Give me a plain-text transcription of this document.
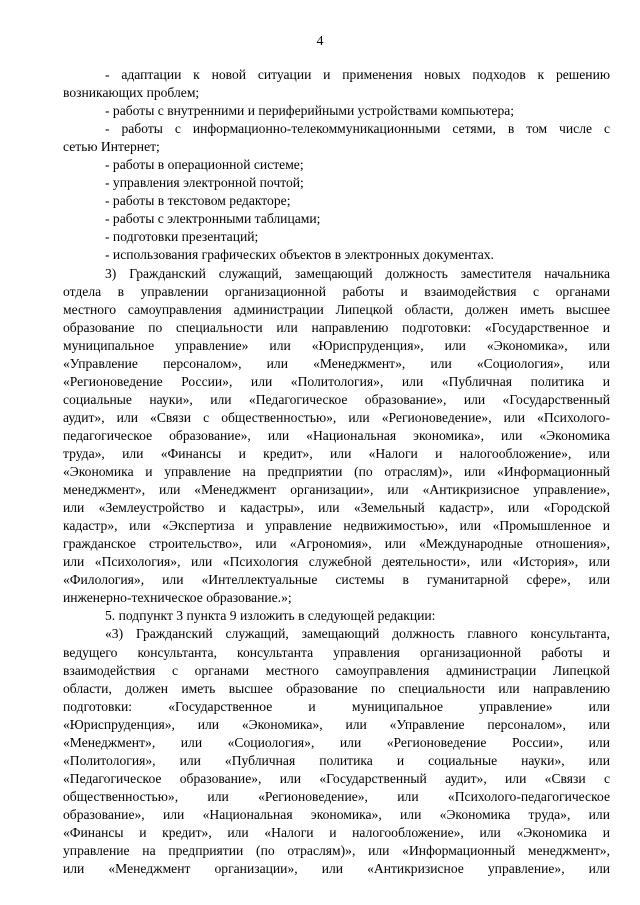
4
- адаптации к новой ситуации и применения новых подходов к решению
возникающих проблем;
- работы с внутренними и периферийными устройствами компьютера;
- работы с информационно-телекоммуникационными сетями, в том числе с
сетью Интернет;
- работы в операционной системе;
- управления электронной почтой;
- работы в текстовом редакторе;
- работы с электронными таблицами;
- подготовки презентаций;
- использования графических объектов в электронных документах.
3) Гражданский служащий, замещающий должность заместителя начальника
отдела в управлении организационной работы и взаимодействия с органами
местного самоуправления администрации Липецкой области, должен иметь высшее
образование по специальности или направлению подготовки: «Государственное и
муниципальное управление» или «Юриспруденция», или «Экономика», или
«Управление персоналом», или «Менеджмент», или «Социология», или
«Регионоведение России», или «Политология», или «Публичная политика и
социальные науки», или «Педагогическое образование», или «Государственный
аудит», или «Связи с общественностью», или «Регионоведение», или «Психолого-
педагогическое образование», или «Национальная экономика», или «Экономика
труда», или «Финансы и кредит», или «Налоги и налогообложение», или
«Экономика и управление на предприятии (по отраслям)», или «Информационный
менеджмент», или «Менеджмент организации», или «Антикризисное управление»,
или «Землеустройство и кадастры», или «Земельный кадастр», или «Городской
кадастр», или «Экспертиза и управление недвижимостью», или «Промышленное и
гражданское строительство», или «Агрономия», или «Международные отношения»,
или «Психология», или «Психология служебной деятельности», или «История», или
«Филология», или «Интеллектуальные системы в гуманитарной сфере», или
инженерно-техническое образование.»;
5. подпункт 3 пункта 9 изложить в следующей редакции:
«3) Гражданский служащий, замещающий должность главного консультанта,
ведущего консультанта, консультанта управления организационной работы и
взаимодействия с органами местного самоуправления администрации Липецкой
области, должен иметь высшее образование по специальности или направлению
подготовки: «Государственное и муниципальное управление» или
«Юриспруденция», или «Экономика», или «Управление персоналом», или
«Менеджмент», или «Социология», или «Регионоведение России», или
«Политология», или «Публичная политика и социальные науки», или
«Педагогическое образование», или «Государственный аудит», или «Связи с
общественностью», или «Регионоведение», или «Психолого-педагогическое
образование», или «Национальная экономика», или «Экономика труда», или
«Финансы и кредит», или «Налоги и налогообложение», или «Экономика и
управление на предприятии (по отраслям)», или «Информационный менеджмент»,
или «Менеджмент организации», или «Антикризисное управление», или
